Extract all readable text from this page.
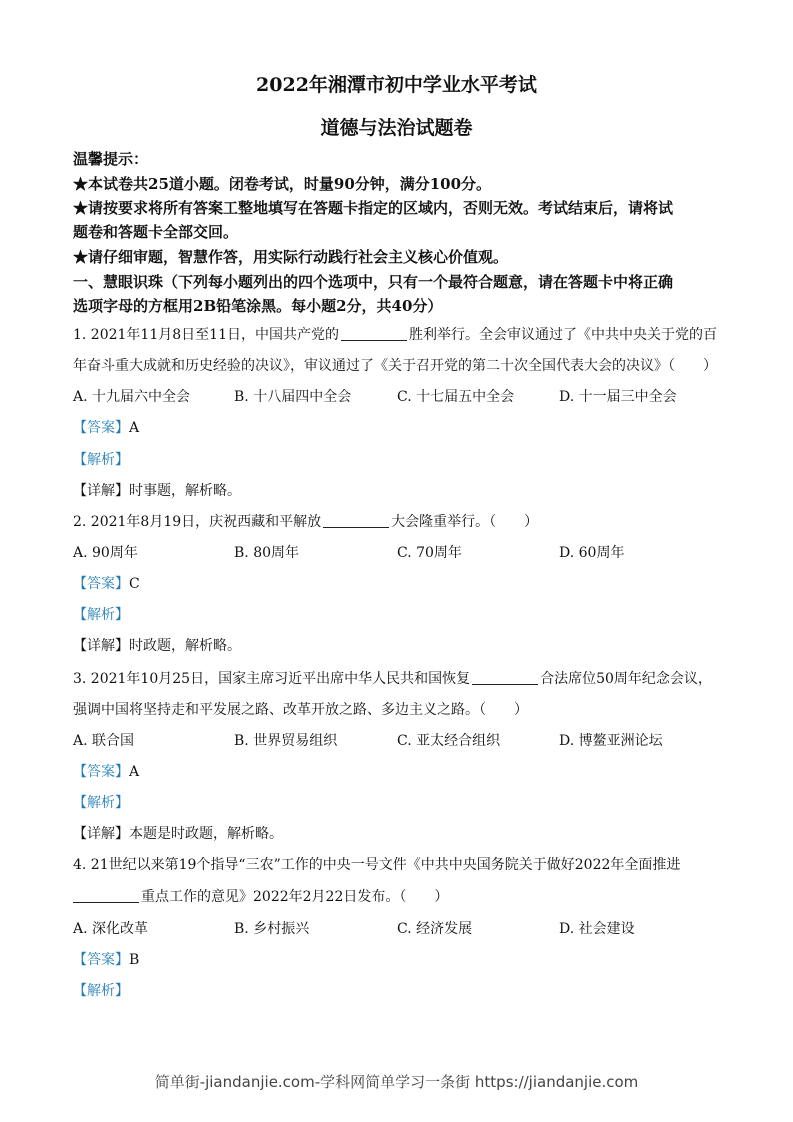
2022年湘潭市初中学业水平考试
道德与法治试题卷
温馨提示：
★本试卷共25道小题。闭卷考试，时量90分钟，满分100分。
★请按要求将所有答案工整地填写在答题卡指定的区域内，否则无效。考试结束后，请将试
题卷和答题卡全部交回。
★请仔细审题，智慧作答，用实际行动践行社会主义核心价值观。
一、慧眼识珠（下列每小题列出的四个选项中，只有一个最符合题意，请在答题卡中将正确
选项字母的方框用2B铅笔涂黑。每小题2分，共40分）
1. 2021年11月8日至11日，中国共产党的	胜利举行。全会审议通过了《中共中央关于党的百
年奋斗重大成就和历史经验的决议》，审议通过了《关于召开党的第二十次全国代表大会的决议》（　　）
A. 十九届六中全会	B. 十八届四中全会	C. 十七届五中全会	D. 十一届三中全会
【答案】A
【解析】
【详解】时事题，解析略。
2. 2021年8月19日，庆祝西藏和平解放	大会隆重举行。（　　）
A. 90周年	B. 80周年	C. 70周年	D. 60周年
【答案】C
【解析】
【详解】时政题，解析略。
3. 2021年10月25日，国家主席习近平出席中华人民共和国恢复	合法席位50周年纪念会议，
强调中国将坚持走和平发展之路、改革开放之路、多边主义之路。（　　）
A. 联合国	B. 世界贸易组织	C. 亚太经合组织	D. 博鳌亚洲论坛
【答案】A
【解析】
【详解】本题是时政题，解析略。
4. 21世纪以来第19个指导“三农”工作的中央一号文件《中共中央国务院关于做好2022年全面推进
重点工作的意见》2022年2月22日发布。（　　）
A. 深化改革	B. 乡村振兴	C. 经济发展	D. 社会建设
【答案】B
【解析】
简单街-jiandanjie.com-学科网简单学习一条街 https://jiandanjie.com
